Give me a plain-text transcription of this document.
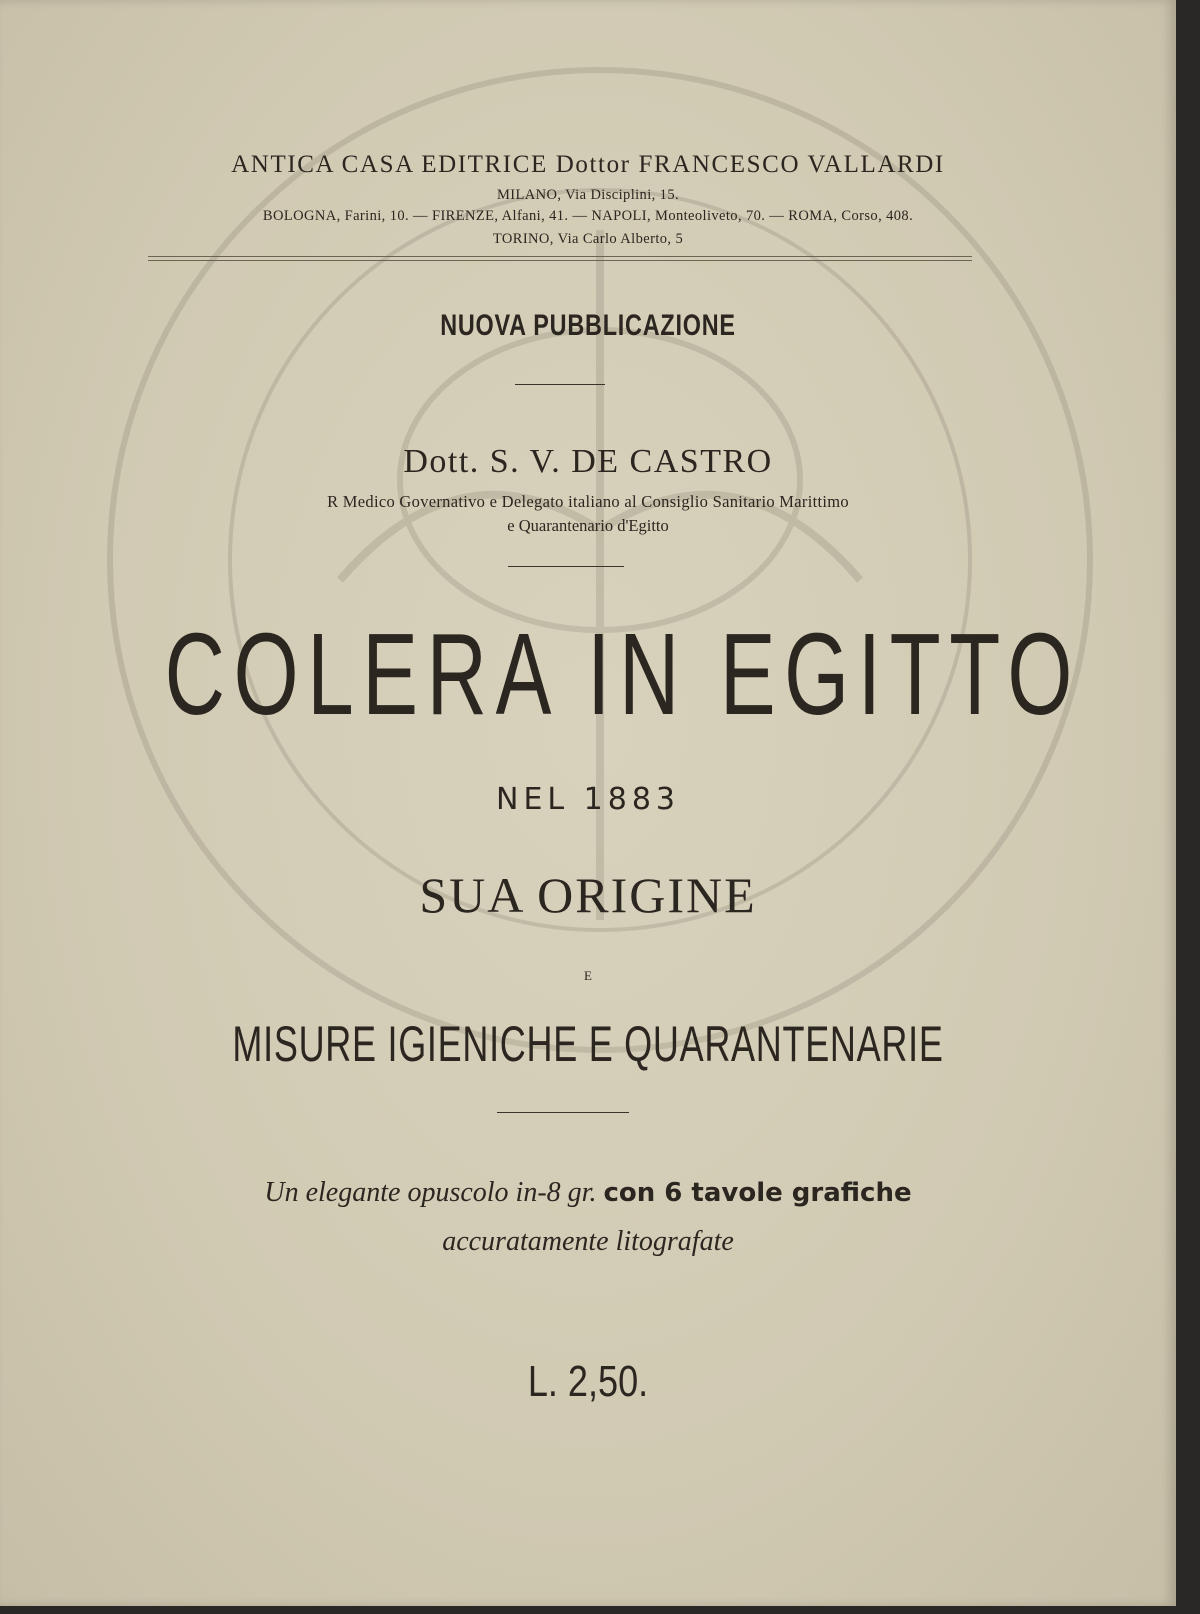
ANTICA CASA EDITRICE Dottor FRANCESCO VALLARDI
MILANO, Via Disciplini, 15.
BOLOGNA, Farini, 10. — FIRENZE, Alfani, 41. — NAPOLI, Monteoliveto, 70. — ROMA, Corso, 408.
TORINO, Via Carlo Alberto, 5
NUOVA PUBBLICAZIONE
Dott. S. V. DE CASTRO
R Medico Governativo e Delegato italiano al Consiglio Sanitario Marittimo
e Quarantenario d'Egitto
COLERA IN EGITTO
NEL 1883
SUA ORIGINE
E
MISURE IGIENICHE E QUARANTENARIE
Un elegante opuscolo in-8 gr. con 6 tavole grafiche
accuratamente litografate
L. 2,50.
